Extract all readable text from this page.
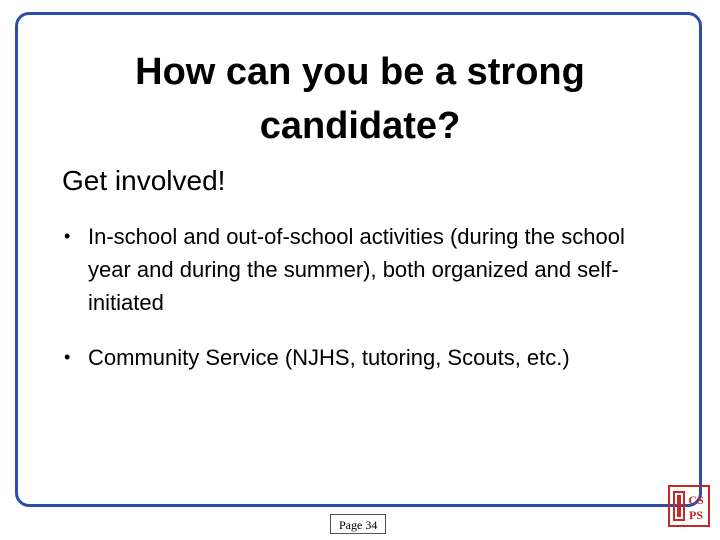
How can you be a strong candidate?

Get involved!

• In-school and out-of-school activities (during the school year and during the summer), both organized and self-initiated
• Community Service (NJHS, tutoring, Scouts, etc.)
Page 34
CS
PS
